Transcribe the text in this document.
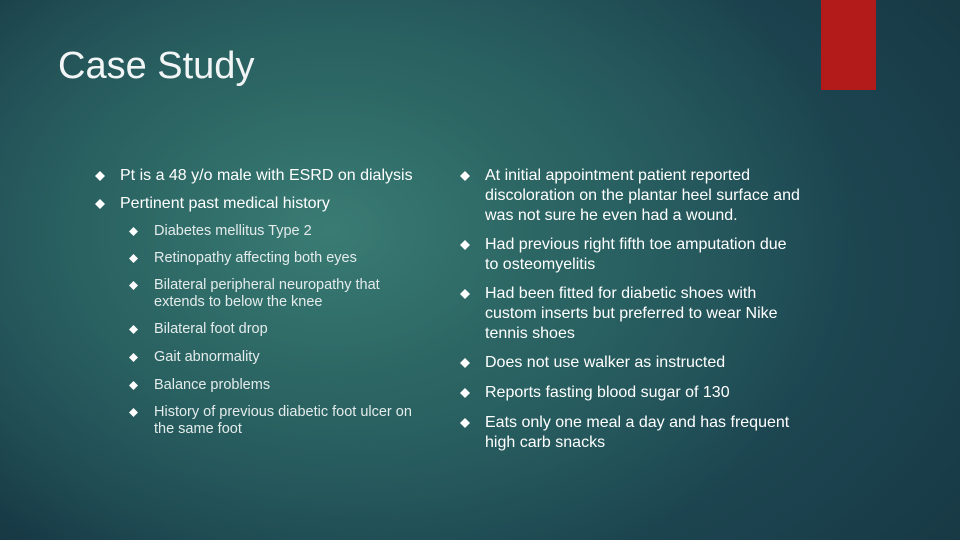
Case Study
Pt is a 48 y/o male with ESRD on dialysis
Pertinent past medical history
Diabetes mellitus Type 2
Retinopathy affecting both eyes
Bilateral peripheral neuropathy that extends to below the knee
Bilateral foot drop
Gait abnormality
Balance problems
History of previous diabetic foot ulcer on the same foot
At initial appointment patient reported discoloration on the plantar heel surface and was not sure he even had a wound.
Had previous right fifth toe amputation due to osteomyelitis
Had been fitted for diabetic shoes with custom inserts but preferred to wear Nike tennis shoes
Does not use walker as instructed
Reports fasting blood sugar of 130
Eats only one meal a day and has frequent high carb snacks
